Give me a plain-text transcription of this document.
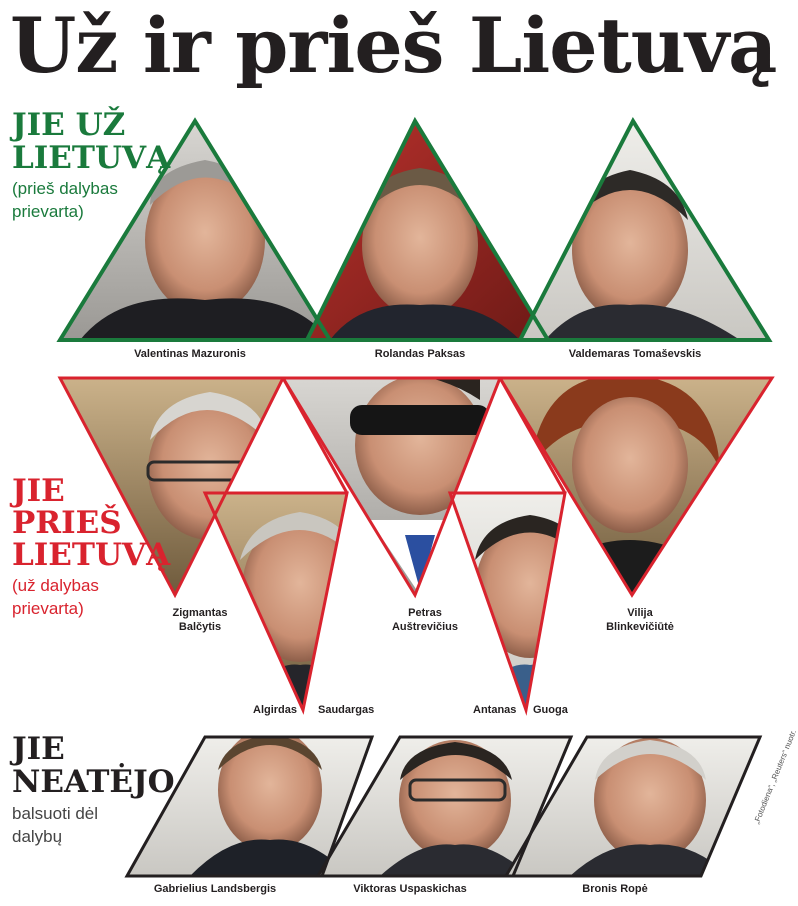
Už ir prieš Lietuvą
JIE UŽ
LIETUVĄ
(prieš dalybas
prievarta)
Valentinas Mazuronis	Rolandas Paksas	Valdemaras Tomaševskis
JIE
PRIEŠ
LIETUVĄ
(už dalybas
prievarta)	Zigmantas
Balčytis
Petras
Auštrevičius
Vilija
Blinkevičiūtė
Algirdas Saudargas	Antanas Guoga
JIE
NEATĖJO
balsuoti dėl
dalybų
Gabrielius Landsbergis	Viktoras Uspaskichas	Bronis Ropė
„Fotodiena“, „Reuters“ nuotr.
